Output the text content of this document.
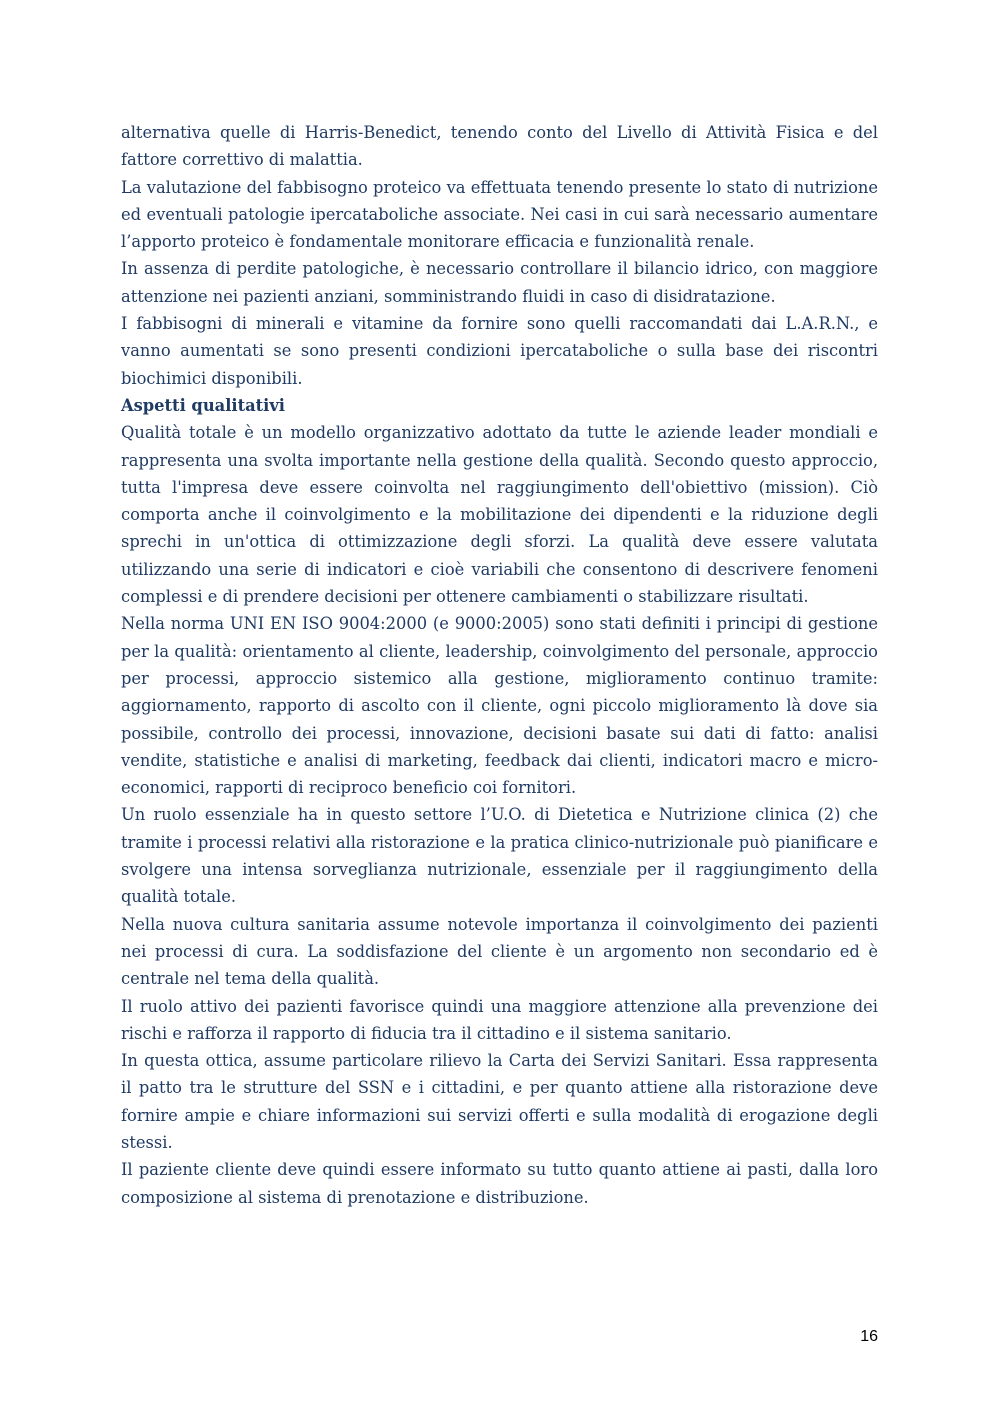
alternativa quelle di Harris-Benedict, tenendo conto del Livello di Attività Fisica e del fattore correttivo di malattia.

La valutazione del fabbisogno proteico va effettuata tenendo presente lo stato di nutrizione ed eventuali patologie ipercataboliche associate. Nei casi in cui sarà necessario aumentare l’apporto proteico è fondamentale monitorare efficacia e funzionalità renale.

In assenza di perdite patologiche, è necessario controllare il bilancio idrico, con maggiore attenzione nei pazienti anziani, somministrando fluidi in caso di disidratazione.

I fabbisogni di minerali e vitamine da fornire sono quelli raccomandati dai L.A.R.N., e vanno aumentati se sono presenti condizioni ipercataboliche o sulla base dei riscontri biochimici disponibili.

Aspetti qualitativi

Qualità totale è un modello organizzativo adottato da tutte le aziende leader mondiali e rappresenta una svolta importante nella gestione della qualità. Secondo questo approccio, tutta l'impresa deve essere coinvolta nel raggiungimento dell'obiettivo (mission). Ciò comporta anche il coinvolgimento e la mobilitazione dei dipendenti e la riduzione degli sprechi in un'ottica di ottimizzazione degli sforzi. La qualità deve essere valutata utilizzando una serie di indicatori e cioè variabili che consentono di descrivere fenomeni complessi e di prendere decisioni per ottenere cambiamenti o stabilizzare risultati.

Nella norma UNI EN ISO 9004:2000 (e 9000:2005) sono stati definiti i principi di gestione per la qualità: orientamento al cliente, leadership, coinvolgimento del personale, approccio per processi, approccio sistemico alla gestione, miglioramento continuo tramite: aggiornamento, rapporto di ascolto con il cliente, ogni piccolo miglioramento là dove sia possibile, controllo dei processi, innovazione, decisioni basate sui dati di fatto: analisi vendite, statistiche e analisi di marketing, feedback dai clienti, indicatori macro e micro-economici, rapporti di reciproco beneficio coi fornitori.

Un ruolo essenziale ha in questo settore l’U.O. di Dietetica e Nutrizione clinica (2) che tramite i processi relativi alla ristorazione e la pratica clinico-nutrizionale può pianificare e svolgere una intensa sorveglianza nutrizionale, essenziale per il raggiungimento della qualità totale.

Nella nuova cultura sanitaria assume notevole importanza il coinvolgimento dei pazienti nei processi di cura. La soddisfazione del cliente è un argomento non secondario ed è centrale nel tema della qualità.

Il ruolo attivo dei pazienti favorisce quindi una maggiore attenzione alla prevenzione dei rischi e rafforza il rapporto di fiducia tra il cittadino e il sistema sanitario.

In questa ottica, assume particolare rilievo la Carta dei Servizi Sanitari. Essa rappresenta il patto tra le strutture del SSN e i cittadini, e per quanto attiene alla ristorazione deve fornire ampie e chiare informazioni sui servizi offerti e sulla modalità di erogazione degli stessi.

Il paziente cliente deve quindi essere informato su tutto quanto attiene ai pasti, dalla loro composizione al sistema di prenotazione e distribuzione.

16
